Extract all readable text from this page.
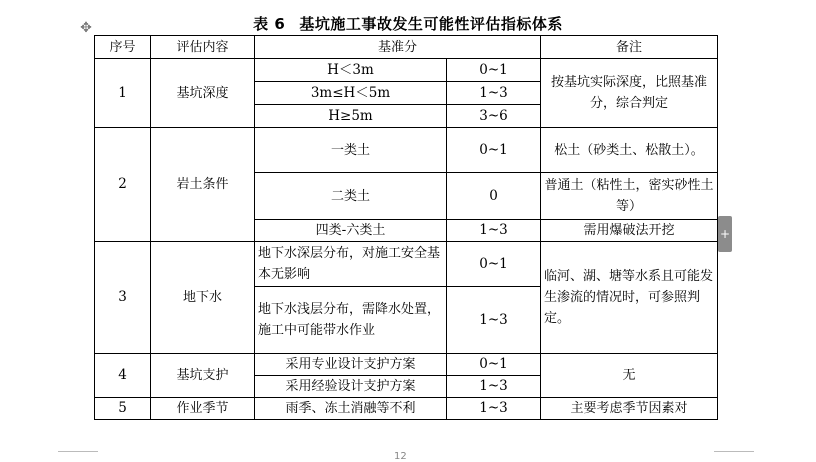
✥	表 6 基坑施工事故发生可能性评估指标体系
序号	评估内容	基准分		备注
1	基坑深度	H＜3m	0~1	按基坑实际深度，比照基准分，综合判定
		3m≤H＜5m	1~3	
		H≥5m	3~6	
2	岩土条件	一类土	0~1	松土（砂类土、松散土）。
		二类土	0	普通土（粘性土，密实砂性土等）
		四类-六类土	1~3	需用爆破法开挖
3	地下水	地下水深层分布，对施工安全基本无影响	0~1	临河、湖、塘等水系且可能发生渗流的情况时，可参照判定。
		地下水浅层分布，需降水处置，施工中可能带水作业	1~3	
4	基坑支护	采用专业设计支护方案	0~1	无
		采用经验设计支护方案	1~3	
5	作业季节	雨季、冻土消融等不利	1~3	主要考虑季节因素对
+
12
